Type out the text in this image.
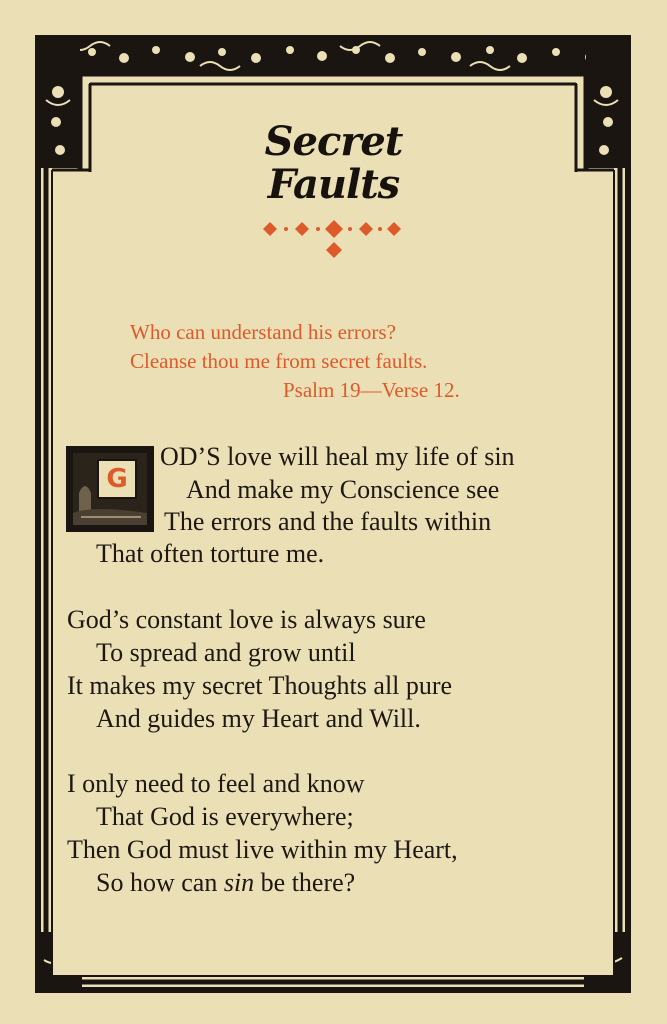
Secret
Faults
Who can understand his errors?
Cleanse thou me from secret faults.
Psalm 19—Verse 12.
G
OD’S love will heal my life of sin
And make my Conscience see
The errors and the faults within
That often torture me.
God’s constant love is always sure
To spread and grow until
It makes my secret Thoughts all pure
And guides my Heart and Will.
I only need to feel and know
That God is everywhere;
Then God must live within my Heart,
So how can sin be there?
